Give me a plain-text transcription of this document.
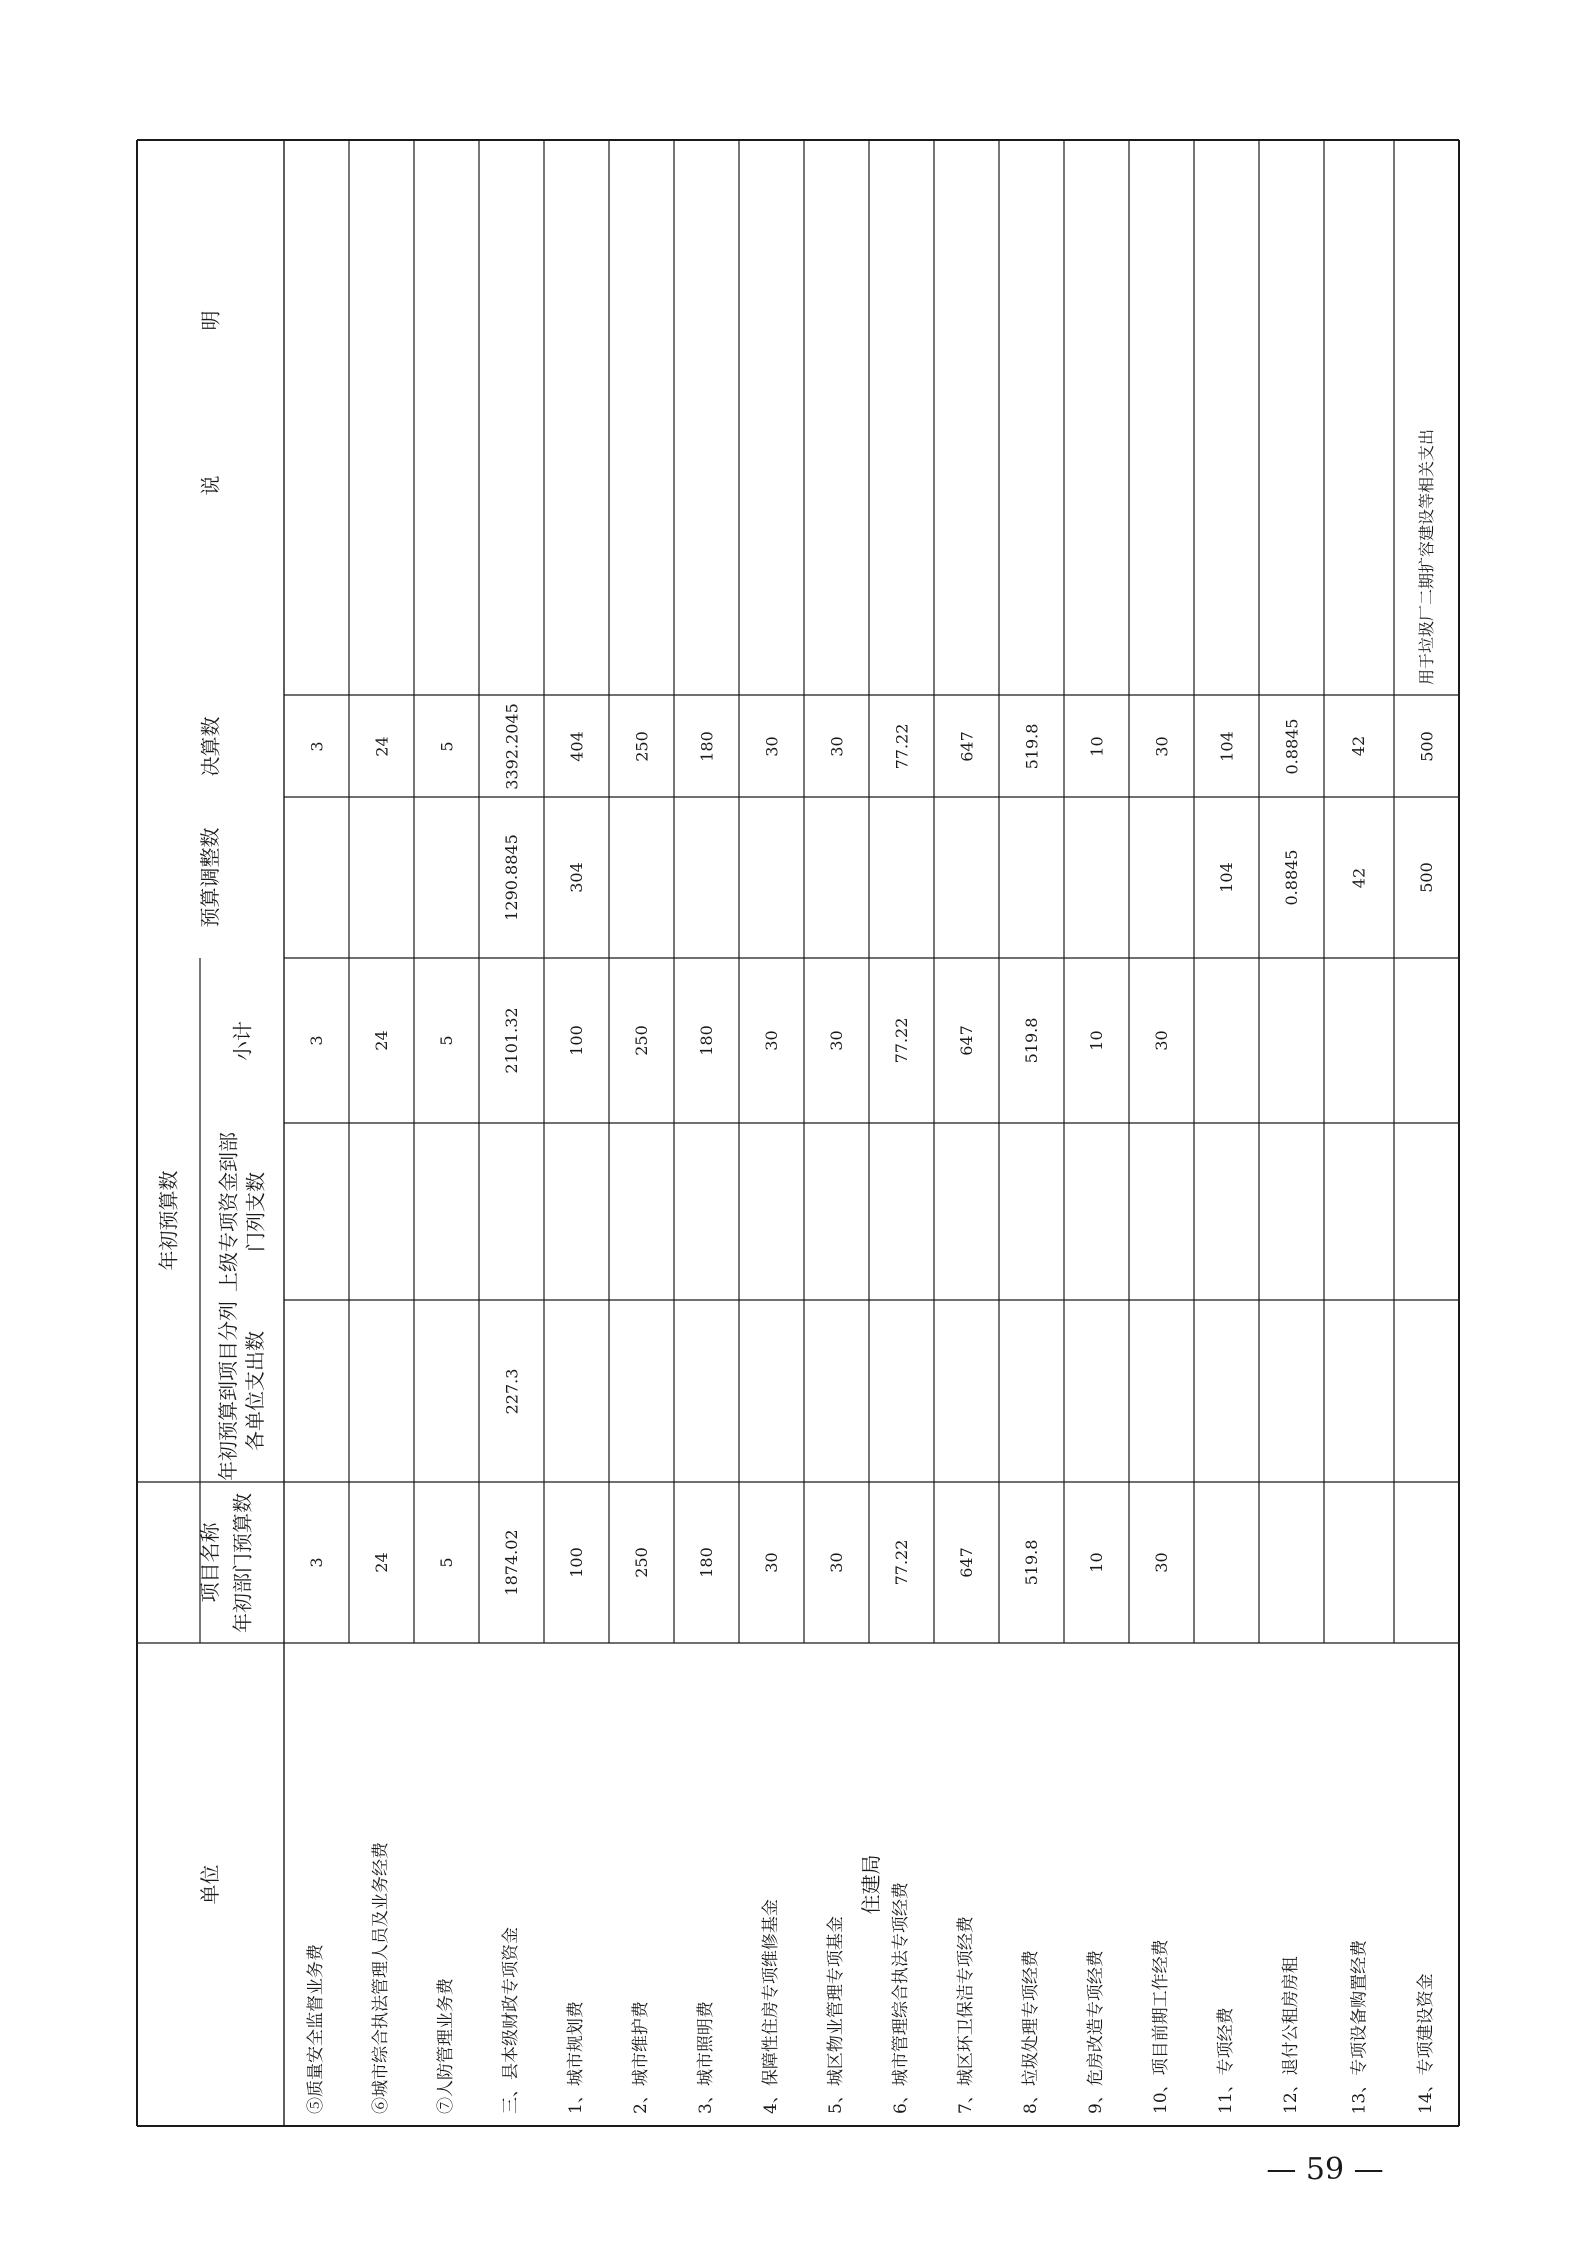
单位
项目名称
年初预算数
年初部门预算数
年初预算到项目分列各单位支出数
上级专项资金到部门列支数
小计
预算调整数
决算数
说
明
住建局
⑤质量安全监督业务费
3
3
3
⑥城市综合执法管理人员及业务经费
24
24
24
⑦人防管理业务费
5
5
5
三、县本级财政专项资金
1874.02
227.3
2101.32
1290.8845
3392.2045
1、城市规划费
100
100
304
404
2、城市维护费
250
250
250
3、城市照明费
180
180
180
4、保障性住房专项维修基金
30
30
30
5、城区物业管理专项基金
30
30
30
6、城市管理综合执法专项经费
77.22
77.22
77.22
7、城区环卫保洁专项经费
647
647
647
8、垃圾处理专项经费
519.8
519.8
519.8
9、危房改造专项经费
10
10
10
10、项目前期工作经费
30
30
30
11、专项经费
104
104
12、退付公租房房租
0.8845
0.8845
13、专项设备购置经费
42
42
14、专项建设资金
500
500
用于垃圾厂二期扩容建设等相关支出
— 59 —
